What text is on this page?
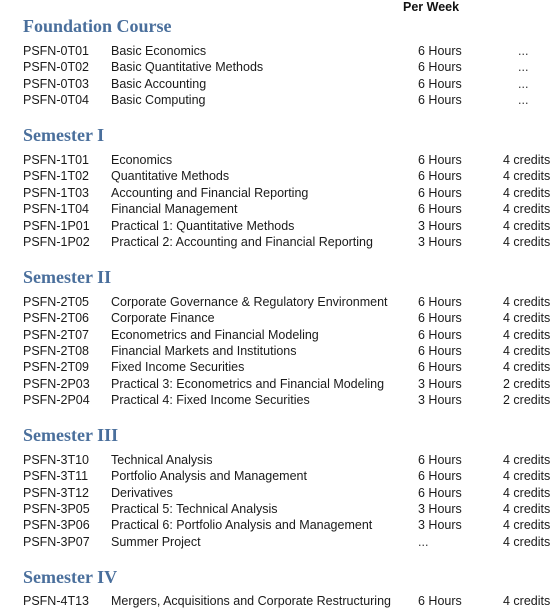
Per Week
Foundation Course
PSFN-0T01 Basic Economics	6 Hours	...
PSFN-0T02 Basic Quantitative Methods	6 Hours	...
PSFN-0T03 Basic Accounting	6 Hours	...
PSFN-0T04 Basic Computing	6 Hours	...
Semester I
PSFN-1T01 Economics	6 Hours	4 credits
PSFN-1T02 Quantitative Methods	6 Hours	4 credits
PSFN-1T03 Accounting and Financial Reporting	6 Hours	4 credits
PSFN-1T04 Financial Management	6 Hours	4 credits
PSFN-1P01 Practical 1: Quantitative Methods	3 Hours	4 credits
PSFN-1P02 Practical 2: Accounting and Financial Reporting	3 Hours	4 credits
Semester II
PSFN-2T05 Corporate Governance & Regulatory Environment 6 Hours	4 credits
PSFN-2T06 Corporate Finance	6 Hours	4 credits
PSFN-2T07 Econometrics and Financial Modeling	6 Hours	4 credits
PSFN-2T08 Financial Markets and Institutions	6 Hours	4 credits
PSFN-2T09 Fixed Income Securities	6 Hours	4 credits
PSFN-2P03 Practical 3: Econometrics and Financial Modeling	3 Hours	2 credits
PSFN-2P04 Practical 4: Fixed Income Securities	3 Hours	2 credits
Semester III
PSFN-3T10 Technical Analysis	6 Hours	4 credits
PSFN-3T11 Portfolio Analysis and Management	6 Hours	4 credits
PSFN-3T12 Derivatives	6 Hours	4 credits
PSFN-3P05 Practical 5: Technical Analysis	3 Hours	4 credits
PSFN-3P06 Practical 6: Portfolio Analysis and Management	3 Hours	4 credits
PSFN-3P07 Summer Project	...	4 credits
Semester IV
PSFN-4T13 Mergers, Acquisitions and Corporate Restructuring 6 Hours	4 credits
